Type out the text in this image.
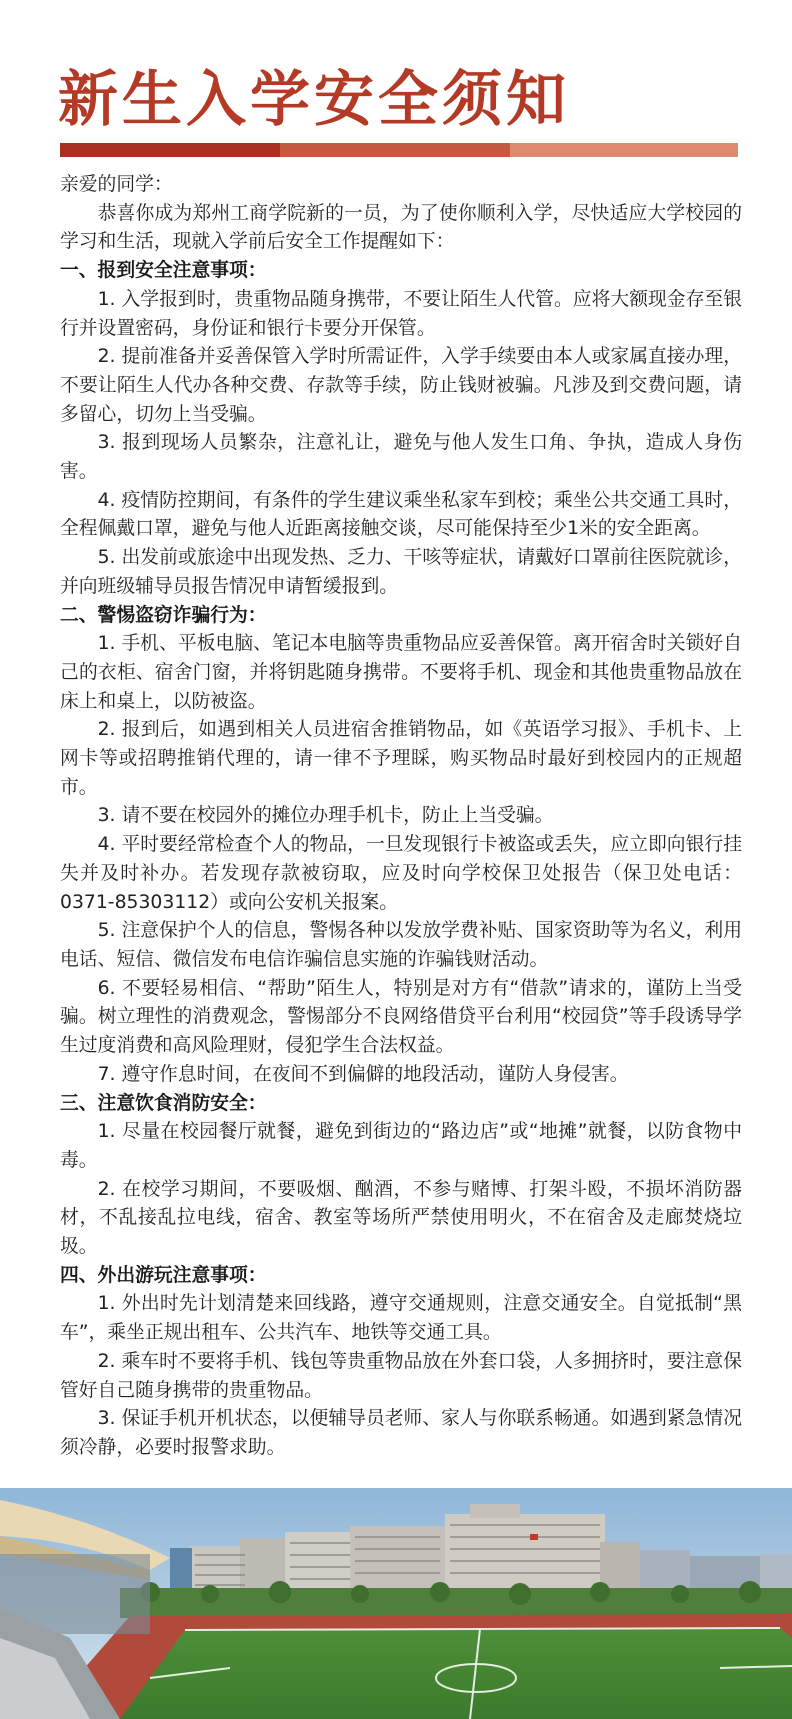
新生入学安全须知

亲爱的同学：

恭喜你成为郑州工商学院新的一员，为了使你顺利入学，尽快适应大学校园的学习和生活，现就入学前后安全工作提醒如下：

一、报到安全注意事项：

1. 入学报到时，贵重物品随身携带，不要让陌生人代管。应将大额现金存至银行并设置密码，身份证和银行卡要分开保管。

2. 提前准备并妥善保管入学时所需证件，入学手续要由本人或家属直接办理，不要让陌生人代办各种交费、存款等手续，防止钱财被骗。凡涉及到交费问题，请多留心，切勿上当受骗。

3. 报到现场人员繁杂，注意礼让，避免与他人发生口角、争执，造成人身伤害。

4. 疫情防控期间，有条件的学生建议乘坐私家车到校；乘坐公共交通工具时，全程佩戴口罩，避免与他人近距离接触交谈，尽可能保持至少1米的安全距离。

5. 出发前或旅途中出现发热、乏力、干咳等症状，请戴好口罩前往医院就诊，并向班级辅导员报告情况申请暂缓报到。

二、警惕盗窃诈骗行为：

1. 手机、平板电脑、笔记本电脑等贵重物品应妥善保管。离开宿舍时关锁好自己的衣柜、宿舍门窗，并将钥匙随身携带。不要将手机、现金和其他贵重物品放在床上和桌上，以防被盗。

2. 报到后，如遇到相关人员进宿舍推销物品，如《英语学习报》、手机卡、上网卡等或招聘推销代理的，请一律不予理睬，购买物品时最好到校园内的正规超市。

3. 请不要在校园外的摊位办理手机卡，防止上当受骗。

4. 平时要经常检查个人的物品，一旦发现银行卡被盗或丢失，应立即向银行挂失并及时补办。若发现存款被窃取，应及时向学校保卫处报告（保卫处电话：0371-85303112）或向公安机关报案。

5. 注意保护个人的信息，警惕各种以发放学费补贴、国家资助等为名义，利用电话、短信、微信发布电信诈骗信息实施的诈骗钱财活动。

6. 不要轻易相信、“帮助”陌生人，特别是对方有“借款”请求的，谨防上当受骗。树立理性的消费观念，警惕部分不良网络借贷平台利用“校园贷”等手段诱导学生过度消费和高风险理财，侵犯学生合法权益。

7. 遵守作息时间，在夜间不到偏僻的地段活动，谨防人身侵害。

三、注意饮食消防安全：

1. 尽量在校园餐厅就餐，避免到街边的“路边店”或“地摊”就餐，以防食物中毒。

2. 在校学习期间，不要吸烟、酗酒，不参与赌博、打架斗殴，不损坏消防器材，不乱接乱拉电线，宿舍、教室等场所严禁使用明火，不在宿舍及走廊焚烧垃圾。

四、外出游玩注意事项：

1. 外出时先计划清楚来回线路，遵守交通规则，注意交通安全。自觉抵制“黑车”，乘坐正规出租车、公共汽车、地铁等交通工具。

2. 乘车时不要将手机、钱包等贵重物品放在外套口袋，人多拥挤时，要注意保管好自己随身携带的贵重物品。

3. 保证手机开机状态，以便辅导员老师、家人与你联系畅通。如遇到紧急情况须冷静，必要时报警求助。
